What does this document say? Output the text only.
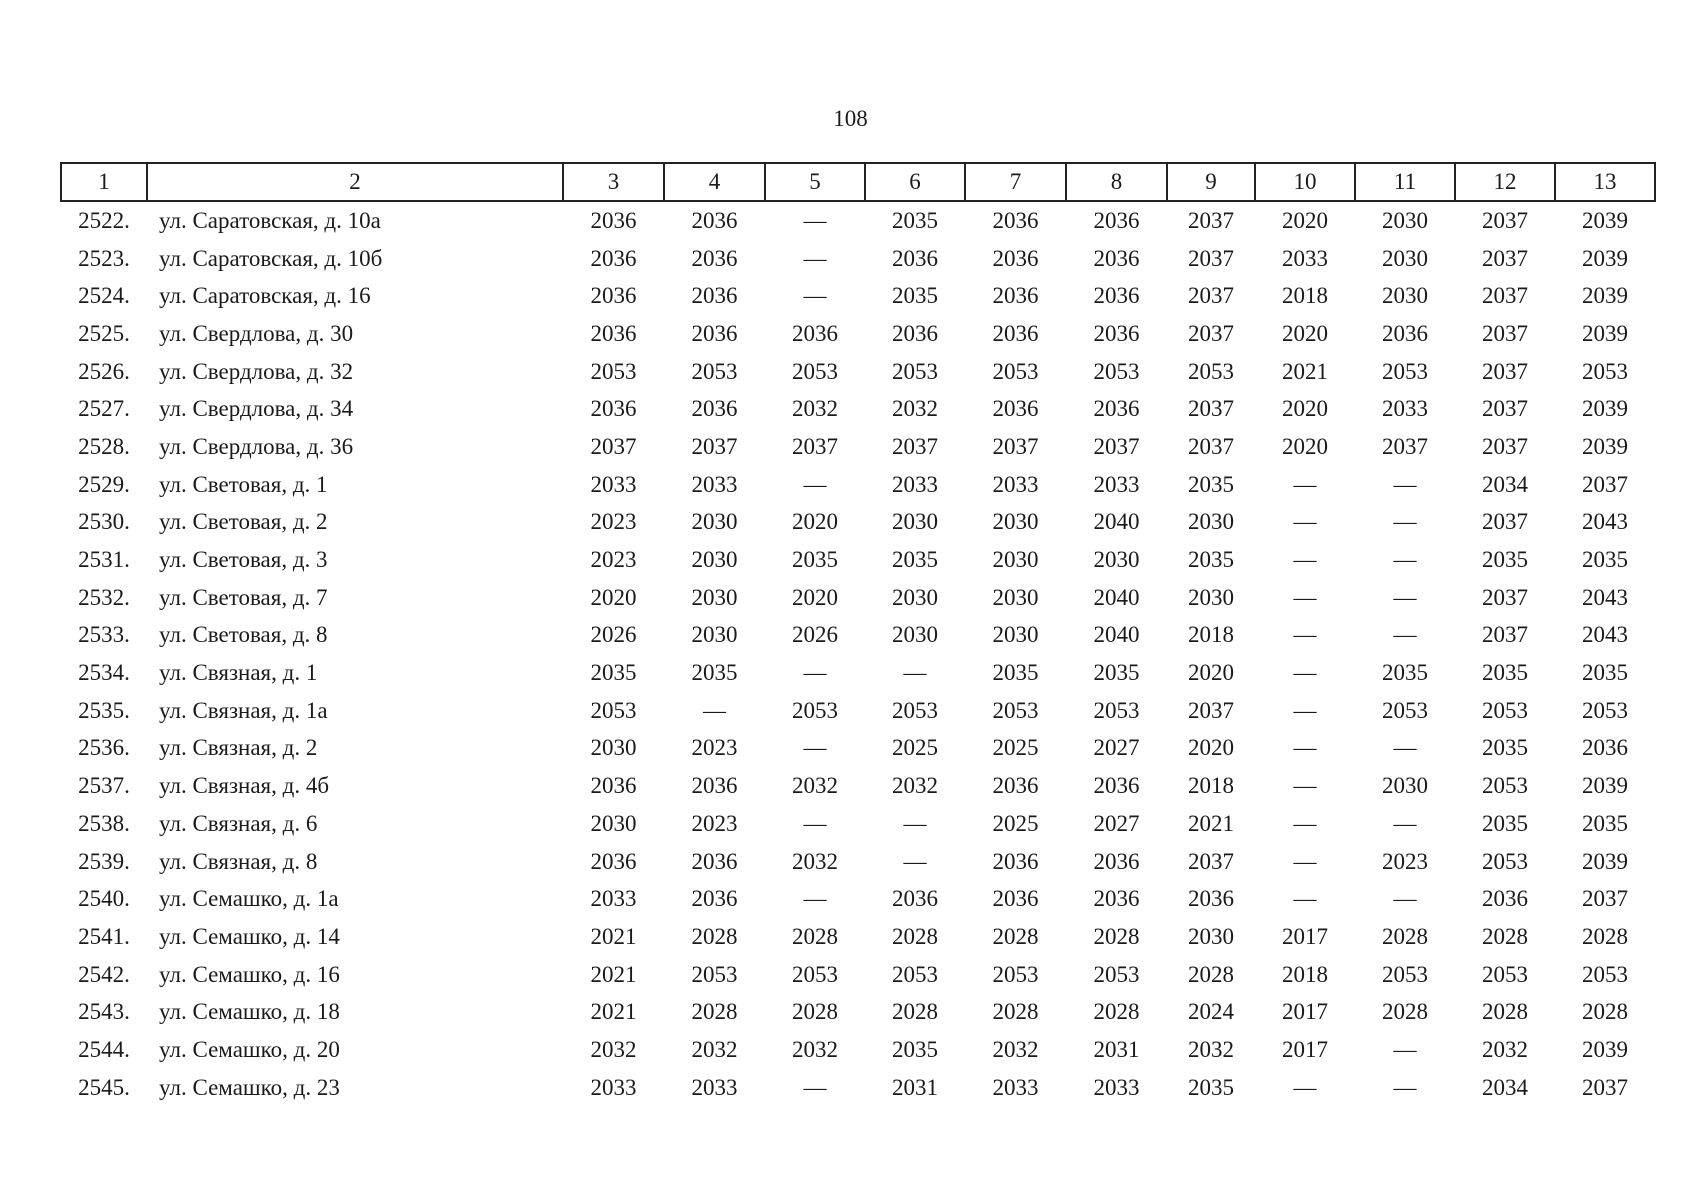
108
1	2	3	4	5	6	7	8	9	10	11	12	13
2522.	ул. Саратовская, д. 10а	2036	2036	—	2035	2036	2036	2037	2020	2030	2037	2039
2523.	ул. Саратовская, д. 10б	2036	2036	—	2036	2036	2036	2037	2033	2030	2037	2039
2524.	ул. Саратовская, д. 16	2036	2036	—	2035	2036	2036	2037	2018	2030	2037	2039
2525.	ул. Свердлова, д. 30	2036	2036	2036	2036	2036	2036	2037	2020	2036	2037	2039
2526.	ул. Свердлова, д. 32	2053	2053	2053	2053	2053	2053	2053	2021	2053	2037	2053
2527.	ул. Свердлова, д. 34	2036	2036	2032	2032	2036	2036	2037	2020	2033	2037	2039
2528.	ул. Свердлова, д. 36	2037	2037	2037	2037	2037	2037	2037	2020	2037	2037	2039
2529.	ул. Световая, д. 1	2033	2033	—	2033	2033	2033	2035	—	—	2034	2037
2530.	ул. Световая, д. 2	2023	2030	2020	2030	2030	2040	2030	—	—	2037	2043
2531.	ул. Световая, д. 3	2023	2030	2035	2035	2030	2030	2035	—	—	2035	2035
2532.	ул. Световая, д. 7	2020	2030	2020	2030	2030	2040	2030	—	—	2037	2043
2533.	ул. Световая, д. 8	2026	2030	2026	2030	2030	2040	2018	—	—	2037	2043
2534.	ул. Связная, д. 1	2035	2035	—	—	2035	2035	2020	—	2035	2035	2035
2535.	ул. Связная, д. 1а	2053	—	2053	2053	2053	2053	2037	—	2053	2053	2053
2536.	ул. Связная, д. 2	2030	2023	—	2025	2025	2027	2020	—	—	2035	2036
2537.	ул. Связная, д. 4б	2036	2036	2032	2032	2036	2036	2018	—	2030	2053	2039
2538.	ул. Связная, д. 6	2030	2023	—	—	2025	2027	2021	—	—	2035	2035
2539.	ул. Связная, д. 8	2036	2036	2032	—	2036	2036	2037	—	2023	2053	2039
2540.	ул. Семашко, д. 1а	2033	2036	—	2036	2036	2036	2036	—	—	2036	2037
2541.	ул. Семашко, д. 14	2021	2028	2028	2028	2028	2028	2030	2017	2028	2028	2028
2542.	ул. Семашко, д. 16	2021	2053	2053	2053	2053	2053	2028	2018	2053	2053	2053
2543.	ул. Семашко, д. 18	2021	2028	2028	2028	2028	2028	2024	2017	2028	2028	2028
2544.	ул. Семашко, д. 20	2032	2032	2032	2035	2032	2031	2032	2017	—	2032	2039
2545.	ул. Семашко, д. 23	2033	2033	—	2031	2033	2033	2035	—	—	2034	2037
